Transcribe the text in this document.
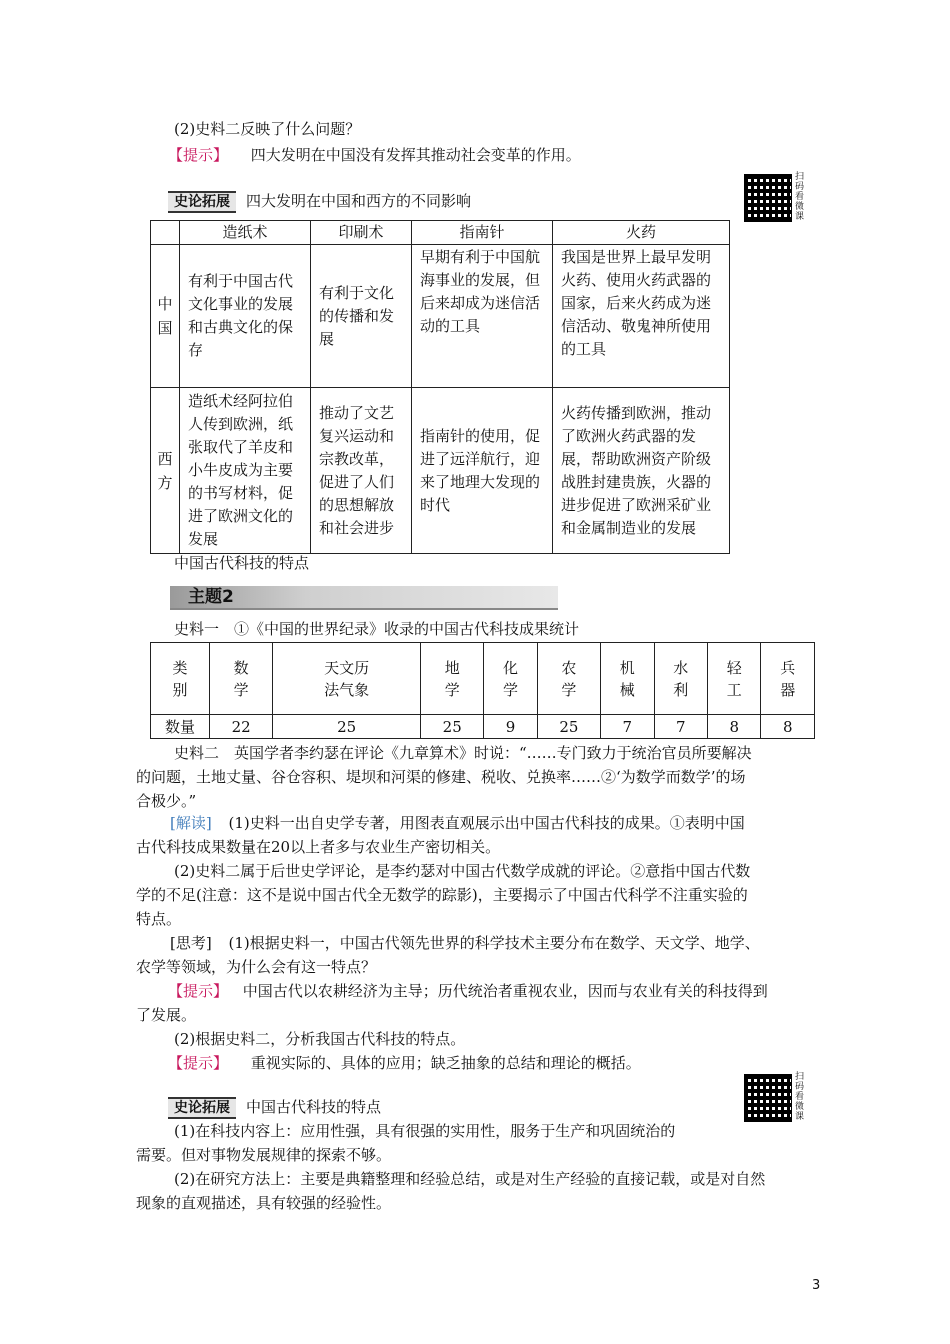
(2)史料二反映了什么问题？
【提示】 四大发明在中国没有发挥其推动社会变革的作用。
史论拓展 四大发明在中国和西方的不同影响
扫码看微课
	造纸术	印刷术	指南针	火药

中国	有利于中国古代文化事业的发展和古典文化的保存	有利于文化的传播和发展	早期有利于中国航海事业的发展，但后来却成为迷信活动的工具	我国是世界上最早发明火药、使用火药武器的国家，后来火药成为迷信活动、敬鬼神所使用的工具

西方	造纸术经阿拉伯人传到欧洲，纸张取代了羊皮和小牛皮成为主要的书写材料，促进了欧洲文化的发展	推动了文艺复兴运动和宗教改革，促进了人们的思想解放和社会进步	指南针的使用，促进了远洋航行，迎来了地理大发现的时代	火药传播到欧洲，推动了欧洲火药武器的发展，帮助欧洲资产阶级战胜封建贵族，火器的进步促进了欧洲采矿业和金属制造业的发展
中国古代科技的特点
主题2
史料一　①《中国的世界纪录》收录的中国古代科技成果统计
类别	数学	天文历法气象	地学	化学	农学	机械	水利	轻工	兵器

数量	22	25	25	9	25	7	7	8	8
史料二　英国学者李约瑟在评论《九章算术》时说：“……专门致力于统治官员所要解决
的问题，土地丈量、谷仓容积、堤坝和河渠的修建、税收、兑换率……②‘为数学而数学’的场
合极少。”
[解读] (1)史料一出自史学专著，用图表直观展示出中国古代科技的成果。①表明中国
古代科技成果数量在20以上者多与农业生产密切相关。
(2)史料二属于后世史学评论，是李约瑟对中国古代数学成就的评论。②意指中国古代数
学的不足(注意：这不是说中国古代全无数学的踪影)，主要揭示了中国古代科学不注重实验的
特点。
[思考] (1)根据史料一，中国古代领先世界的科学技术主要分布在数学、天文学、地学、
农学等领域，为什么会有这一特点？
【提示】 中国古代以农耕经济为主导；历代统治者重视农业，因而与农业有关的科技得到
了发展。
(2)根据史料二，分析我国古代科技的特点。
【提示】 重视实际的、具体的应用；缺乏抽象的总结和理论的概括。
史论拓展 中国古代科技的特点
扫码看微课
(1)在科技内容上：应用性强，具有很强的实用性，服务于生产和巩固统治的
需要。但对事物发展规律的探索不够。
(2)在研究方法上：主要是典籍整理和经验总结，或是对生产经验的直接记载，或是对自然
现象的直观描述，具有较强的经验性。
3
